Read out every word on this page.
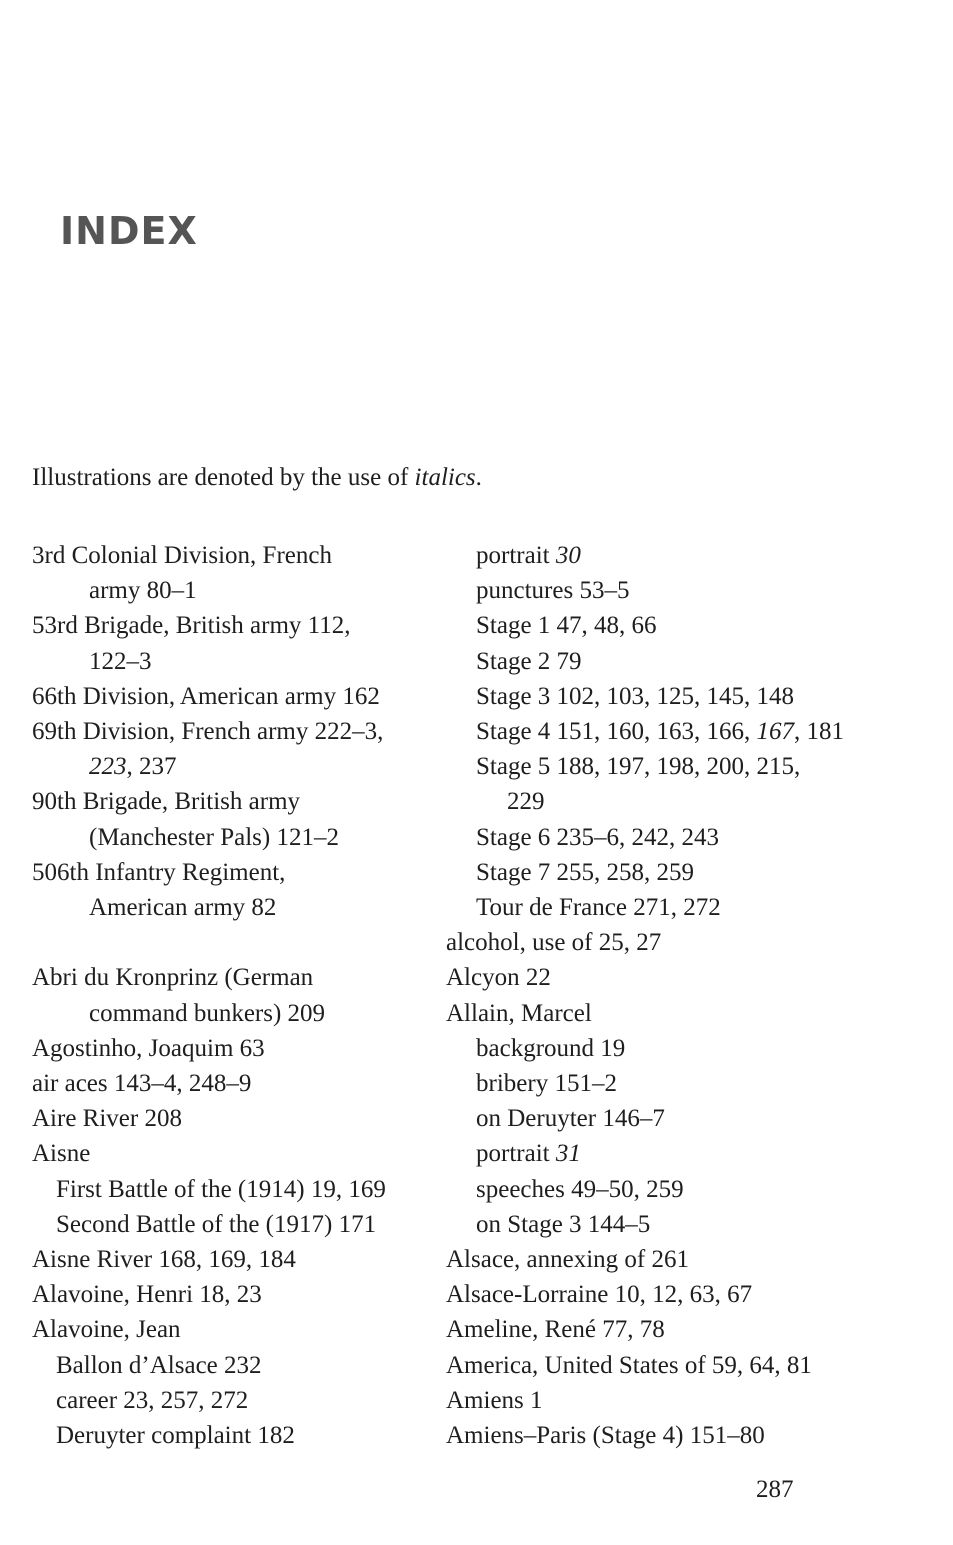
INDEX

Illustrations are denoted by the use of italics.

3rd Colonial Division, French
army 80–1
53rd Brigade, British army 112,
122–3
66th Division, American army 162
69th Division, French army 222–3,
223, 237
90th Brigade, British army
(Manchester Pals) 121–2
506th Infantry Regiment,
American army 82
Abri du Kronprinz (German
command bunkers) 209
Agostinho, Joaquim 63
air aces 143–4, 248–9
Aire River 208
Aisne
First Battle of the (1914) 19, 169
Second Battle of the (1917) 171
Aisne River 168, 169, 184
Alavoine, Henri 18, 23
Alavoine, Jean
Ballon d’Alsace 232
career 23, 257, 272
Deruyter complaint 182
portrait 30
punctures 53–5
Stage 1 47, 48, 66
Stage 2 79
Stage 3 102, 103, 125, 145, 148
Stage 4 151, 160, 163, 166, 167, 181
Stage 5 188, 197, 198, 200, 215,
229
Stage 6 235–6, 242, 243
Stage 7 255, 258, 259
Tour de France 271, 272
alcohol, use of 25, 27
Alcyon 22
Allain, Marcel
background 19
bribery 151–2
on Deruyter 146–7
portrait 31
speeches 49–50, 259
on Stage 3 144–5
Alsace, annexing of 261
Alsace-Lorraine 10, 12, 63, 67
Ameline, René 77, 78
America, United States of 59, 64, 81
Amiens 1
Amiens–Paris (Stage 4) 151–80

287
